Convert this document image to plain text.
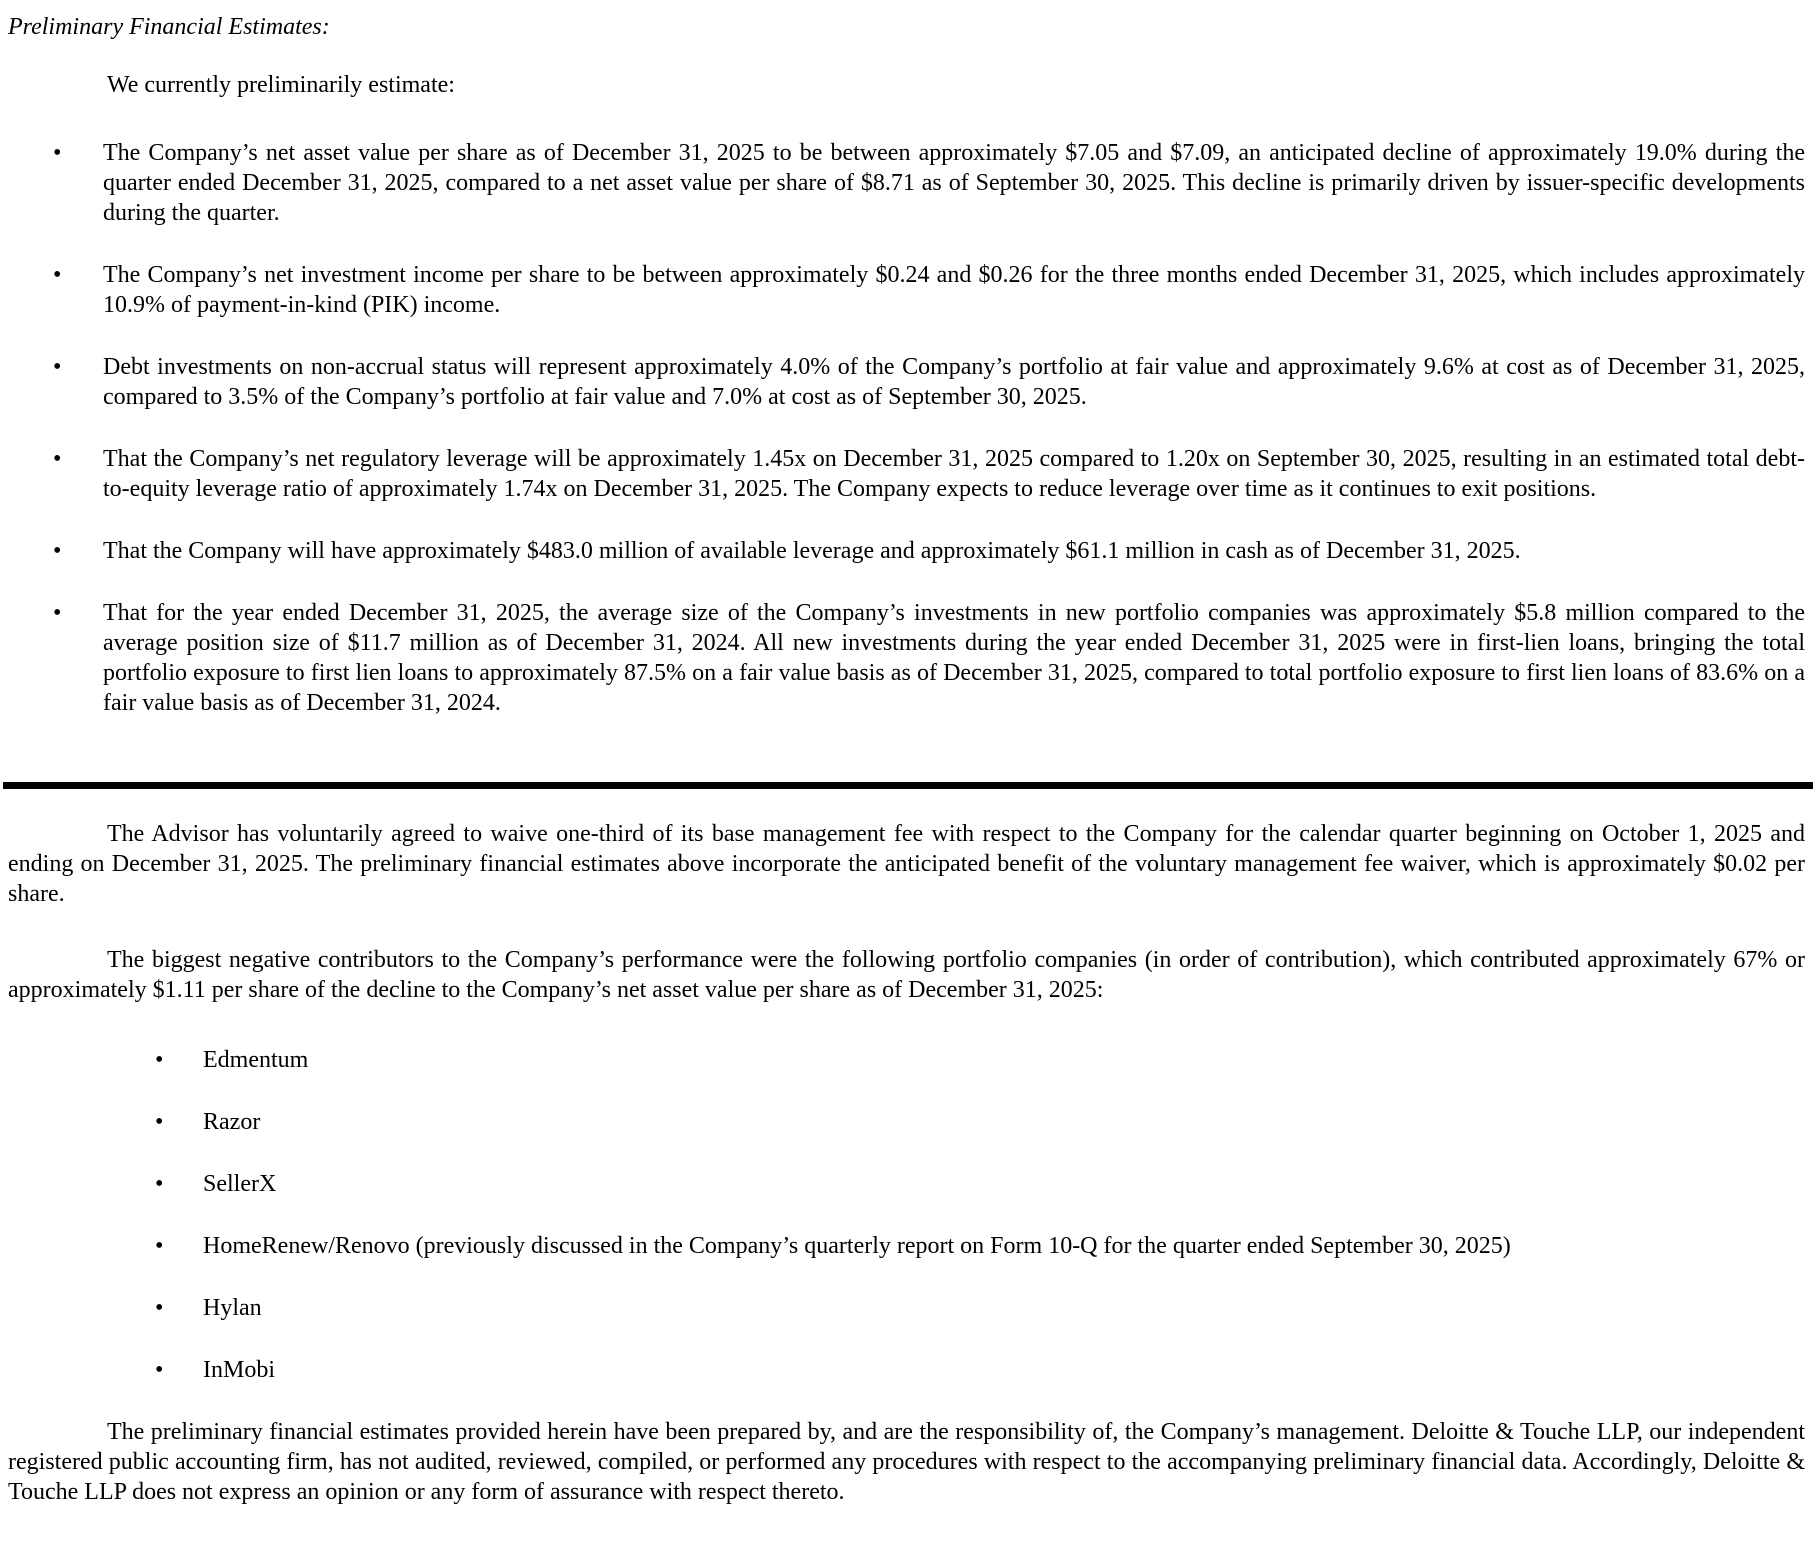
Preliminary Financial Estimates:

We currently preliminarily estimate:

• The Company’s net asset value per share as of December 31, 2025 to be between approximately $7.05 and $7.09, an anticipated decline of approximately 19.0% during the quarter ended December 31, 2025, compared to a net asset value per share of $8.71 as of September 30, 2025. This decline is primarily driven by issuer-specific developments during the quarter.
• The Company’s net investment income per share to be between approximately $0.24 and $0.26 for the three months ended December 31, 2025, which includes approximately 10.9% of payment-in-kind (PIK) income.
• Debt investments on non-accrual status will represent approximately 4.0% of the Company’s portfolio at fair value and approximately 9.6% at cost as of December 31, 2025, compared to 3.5% of the Company’s portfolio at fair value and 7.0% at cost as of September 30, 2025.
• That the Company’s net regulatory leverage will be approximately 1.45x on December 31, 2025 compared to 1.20x on September 30, 2025, resulting in an estimated total debt-to-equity leverage ratio of approximately 1.74x on December 31, 2025. The Company expects to reduce leverage over time as it continues to exit positions.
• That the Company will have approximately $483.0 million of available leverage and approximately $61.1 million in cash as of December 31, 2025.
• That for the year ended December 31, 2025, the average size of the Company’s investments in new portfolio companies was approximately $5.8 million compared to the average position size of $11.7 million as of December 31, 2024. All new investments during the year ended December 31, 2025 were in first-lien loans, bringing the total portfolio exposure to first lien loans to approximately 87.5% on a fair value basis as of December 31, 2025, compared to total portfolio exposure to first lien loans of 83.6% on a fair value basis as of December 31, 2024.

The Advisor has voluntarily agreed to waive one-third of its base management fee with respect to the Company for the calendar quarter beginning on October 1, 2025 and ending on December 31, 2025. The preliminary financial estimates above incorporate the anticipated benefit of the voluntary management fee waiver, which is approximately $0.02 per share.

The biggest negative contributors to the Company’s performance were the following portfolio companies (in order of contribution), which contributed approximately 67% or approximately $1.11 per share of the decline to the Company’s net asset value per share as of December 31, 2025:

• Edmentum
• Razor
• SellerX
• HomeRenew/Renovo (previously discussed in the Company’s quarterly report on Form 10-Q for the quarter ended September 30, 2025)
• Hylan
• InMobi

The preliminary financial estimates provided herein have been prepared by, and are the responsibility of, the Company’s management. Deloitte & Touche LLP, our independent registered public accounting firm, has not audited, reviewed, compiled, or performed any procedures with respect to the accompanying preliminary financial data. Accordingly, Deloitte & Touche LLP does not express an opinion or any form of assurance with respect thereto.
